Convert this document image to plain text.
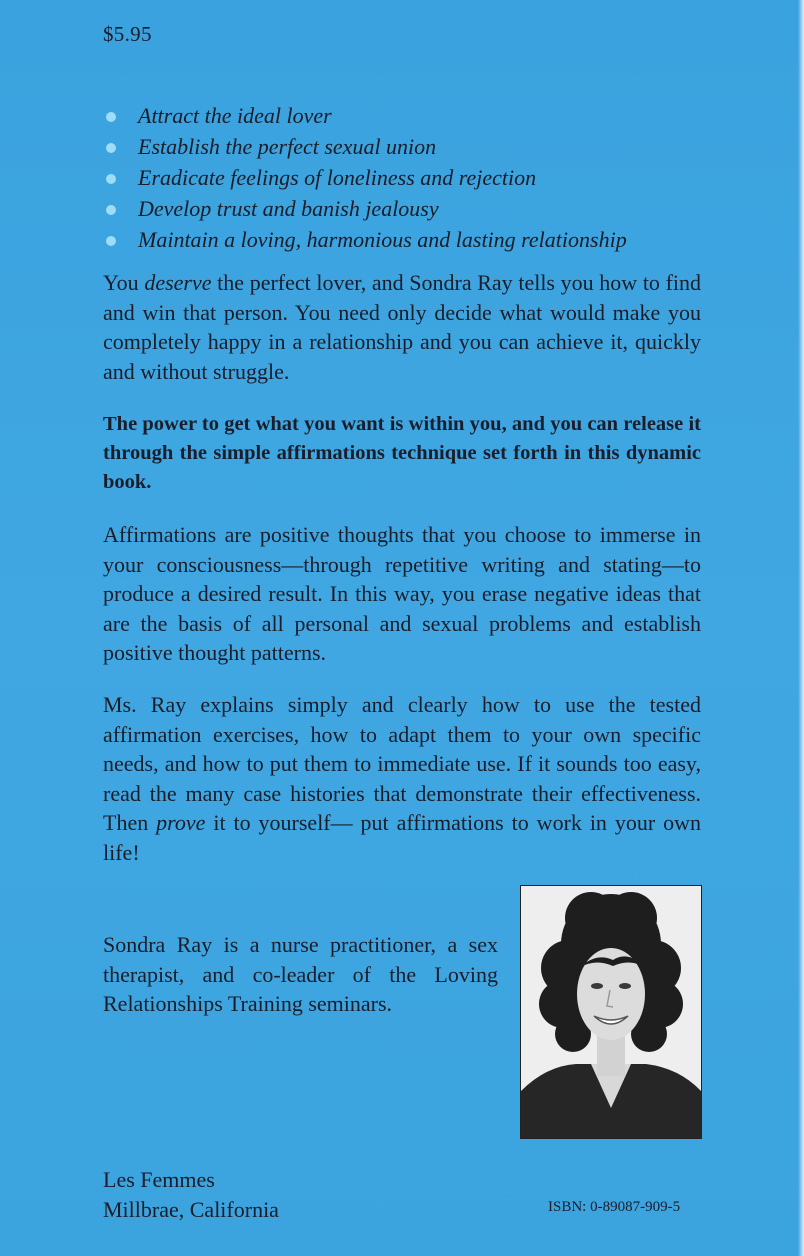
$5.95
Attract the ideal lover
Establish the perfect sexual union
Eradicate feelings of loneliness and rejection
Develop trust and banish jealousy
Maintain a loving, harmonious and lasting relationship

You deserve the perfect lover, and Sondra Ray tells you how to find and win that person. You need only decide what would make you completely happy in a relationship and you can achieve it, quickly and without struggle.

The power to get what you want is within you, and you can release it through the simple affirmations technique set forth in this dynamic book.

Affirmations are positive thoughts that you choose to immerse in your consciousness—through repetitive writing and stating—to produce a desired result. In this way, you erase negative ideas that are the basis of all personal and sexual problems and establish positive thought patterns.

Ms. Ray explains simply and clearly how to use the tested affirmation exercises, how to adapt them to your own specific needs, and how to put them to immediate use. If it sounds too easy, read the many case histories that demonstrate their effectiveness. Then prove it to yourself— put affirmations to work in your own life!

Sondra Ray is a nurse practitioner, a sex therapist, and co-leader of the Loving Relationships Training seminars.

Les Femmes
Millbrae, California	ISBN: 0-89087-909-5
